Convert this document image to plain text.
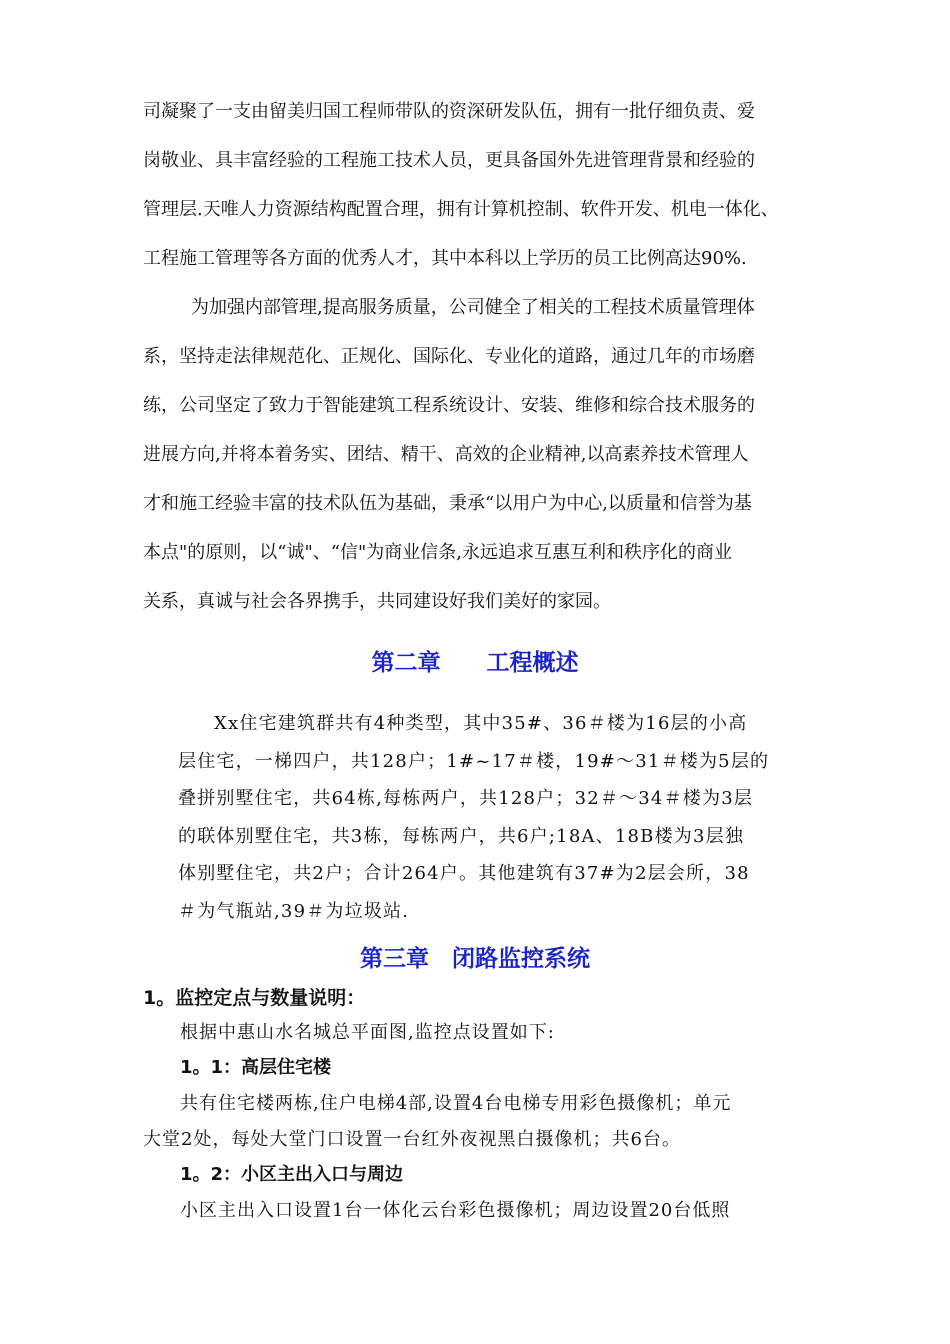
司凝聚了一支由留美归国工程师带队的资深研发队伍，拥有一批仔细负责、爱
岗敬业、具丰富经验的工程施工技术人员，更具备国外先进管理背景和经验的
管理层.天唯人力资源结构配置合理，拥有计算机控制、软件开发、机电一体化、
工程施工管理等各方面的优秀人才，其中本科以上学历的员工比例高达90%.
为加强内部管理,提高服务质量，公司健全了相关的工程技术质量管理体
系，坚持走法律规范化、正规化、国际化、专业化的道路，通过几年的市场磨
练，公司坚定了致力于智能建筑工程系统设计、安装、维修和综合技术服务的
进展方向,并将本着务实、团结、精干、高效的企业精神,以高素养技术管理人
才和施工经验丰富的技术队伍为基础，秉承“以用户为中心,以质量和信誉为基
本点"的原则，以“诚"、“信"为商业信条,永远追求互惠互利和秩序化的商业
关系，真诚与社会各界携手，共同建设好我们美好的家园。
第二章　　工程概述
Xx住宅建筑群共有4种类型，其中35#、36＃楼为16层的小高
层住宅，一梯四户，共128户；1#~17＃楼，19#～31＃楼为5层的
叠拼别墅住宅，共64栋,每栋两户，共128户；32＃～34＃楼为3层
的联体别墅住宅，共3栋，每栋两户，共6户;18A、18B楼为3层独
体别墅住宅，共2户；合计264户。其他建筑有37#为2层会所，38
＃为气瓶站,39＃为垃圾站.
第三章　闭路监控系统
1。监控定点与数量说明：
根据中惠山水名城总平面图,监控点设置如下:
1。1：高层住宅楼
共有住宅楼两栋,住户电梯4部,设置4台电梯专用彩色摄像机；单元
大堂2处，每处大堂门口设置一台红外夜视黑白摄像机；共6台。
1。2：小区主出入口与周边
小区主出入口设置1台一体化云台彩色摄像机；周边设置20台低照
